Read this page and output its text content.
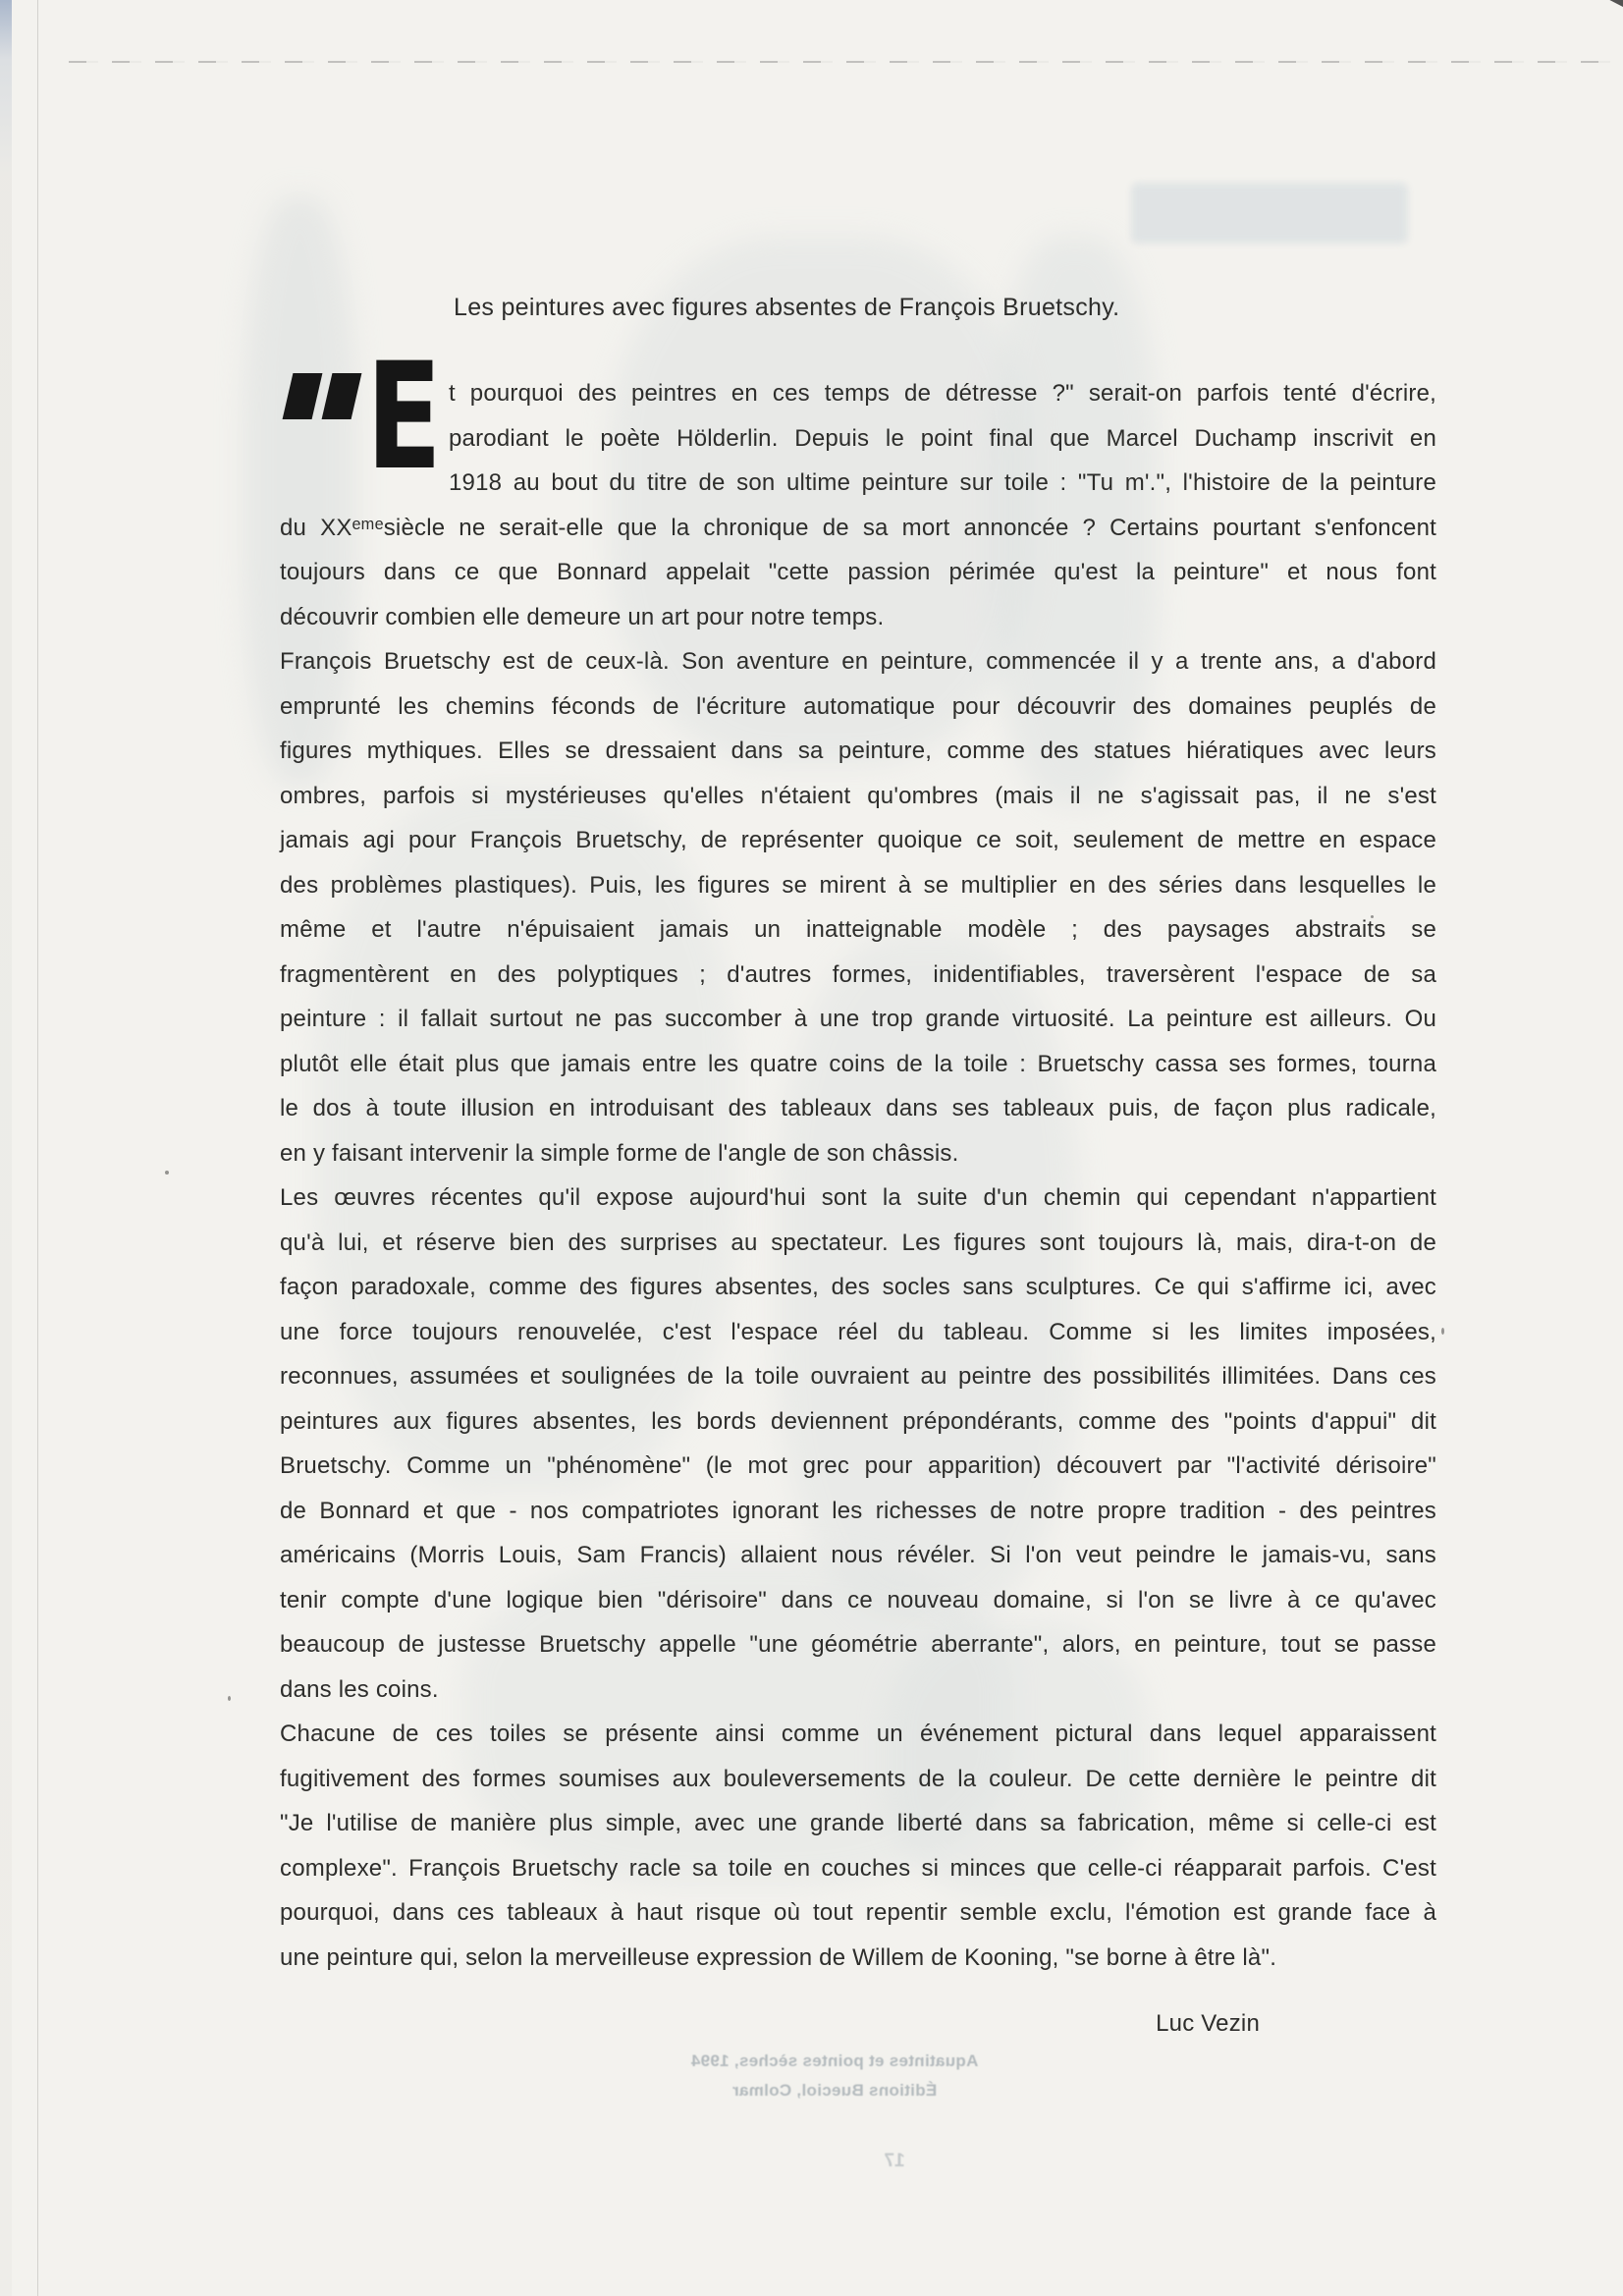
Les peintures avec figures absentes de François Bruetschy.
E t pourquoi des peintres en ces temps de détresse ?" serait-on parfois tenté d'écrire,
parodiant le poète Hölderlin. Depuis le point final que Marcel Duchamp inscrivit en
1918 au bout du titre de son ultime peinture sur toile : "Tu m'.", l'histoire de la peinture
du XXᵉᵐᵉsiècle ne serait-elle que la chronique de sa mort annoncée ? Certains pourtant s'enfoncent
toujours dans ce que Bonnard appelait "cette passion périmée qu'est la peinture" et nous font
découvrir combien elle demeure un art pour notre temps.
François Bruetschy est de ceux-là. Son aventure en peinture, commencée il y a trente ans, a d'abord
emprunté les chemins féconds de l'écriture automatique pour découvrir des domaines peuplés de
figures mythiques. Elles se dressaient dans sa peinture, comme des statues hiératiques avec leurs
ombres, parfois si mystérieuses qu'elles n'étaient qu'ombres (mais il ne s'agissait pas, il ne s'est
jamais agi pour François Bruetschy, de représenter quoique ce soit, seulement de mettre en espace
des problèmes plastiques). Puis, les figures se mirent à se multiplier en des séries dans lesquelles le
même et l'autre n'épuisaient jamais un inatteignable modèle ; des paysages abstraits se
fragmentèrent en des polyptiques ; d'autres formes, inidentifiables, traversèrent l'espace de sa
peinture : il fallait surtout ne pas succomber à une trop grande virtuosité. La peinture est ailleurs. Ou
plutôt elle était plus que jamais entre les quatre coins de la toile : Bruetschy cassa ses formes, tourna
le dos à toute illusion en introduisant des tableaux dans ses tableaux puis, de façon plus radicale,
en y faisant intervenir la simple forme de l'angle de son châssis.
Les œuvres récentes qu'il expose aujourd'hui sont la suite d'un chemin qui cependant n'appartient
qu'à lui, et réserve bien des surprises au spectateur. Les figures sont toujours là, mais, dira-t-on de
façon paradoxale, comme des figures absentes, des socles sans sculptures. Ce qui s'affirme ici, avec
une force toujours renouvelée, c'est l'espace réel du tableau. Comme si les limites imposées,
reconnues, assumées et soulignées de la toile ouvraient au peintre des possibilités illimitées. Dans ces
peintures aux figures absentes, les bords deviennent prépondérants, comme des "points d'appui" dit
Bruetschy. Comme un "phénomène" (le mot grec pour apparition) découvert par "l'activité dérisoire"
de Bonnard et que - nos compatriotes ignorant les richesses de notre propre tradition - des peintres
américains (Morris Louis, Sam Francis) allaient nous révéler. Si l'on veut peindre le jamais-vu, sans
tenir compte d'une logique bien "dérisoire" dans ce nouveau domaine, si l'on se livre à ce qu'avec
beaucoup de justesse Bruetschy appelle "une géométrie aberrante", alors, en peinture, tout se passe
dans les coins.
Chacune de ces toiles se présente ainsi comme un événement pictural dans lequel apparaissent
fugitivement des formes soumises aux bouleversements de la couleur. De cette dernière le peintre dit
"Je l'utilise de manière plus simple, avec une grande liberté dans sa fabrication, même si celle-ci est
complexe". François Bruetschy racle sa toile en couches si minces que celle-ci réapparait parfois. C'est
pourquoi, dans ces tableaux à haut risque où tout repentir semble exclu, l'émotion est grande face à
une peinture qui, selon la merveilleuse expression de Willem de Kooning, "se borne à être là".
Luc Vezin
Aquatintes et pointes sèches, 1994
Éditions Bueciol, Colmar
17
